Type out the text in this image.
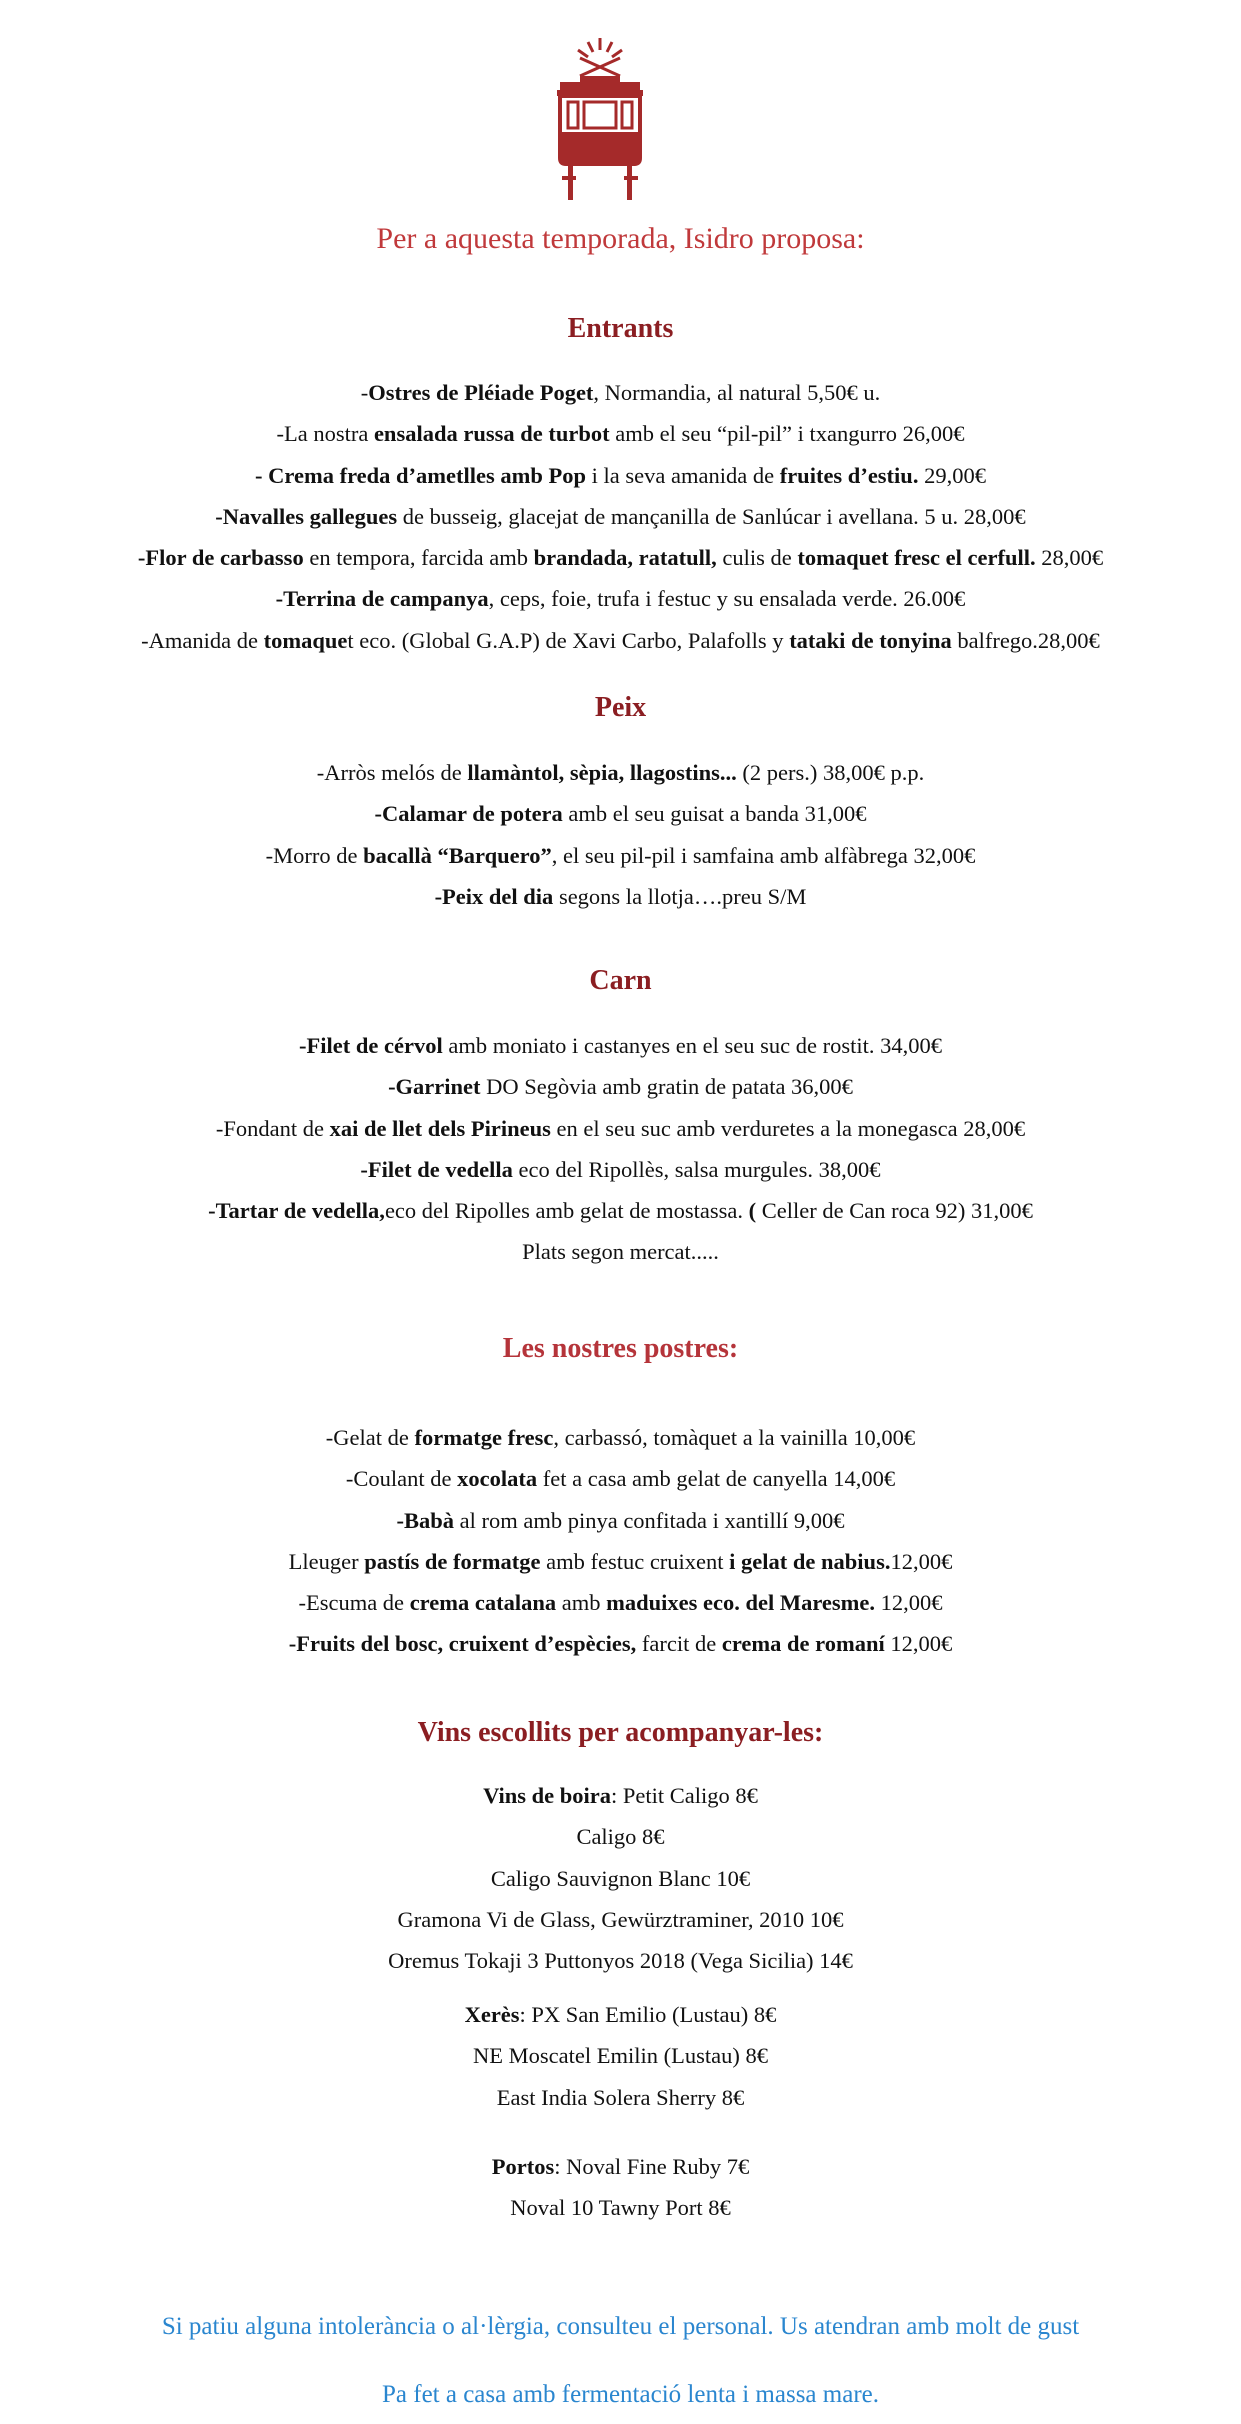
Per a aquesta temporada, Isidro proposa:
Entrants
-Ostres de Pléiade Poget, Normandia, al natural 5,50€ u.
-La nostra ensalada russa de turbot amb el seu “pil-pil” i txangurro 26,00€
- Crema freda d’ametlles amb Pop i la seva amanida de fruites d’estiu. 29,00€
-Navalles gallegues de busseig, glacejat de mançanilla de Sanlúcar i avellana. 5 u. 28,00€
-Flor de carbasso en tempora, farcida amb brandada, ratatull, culis de tomaquet fresc el cerfull. 28,00€
-Terrina de campanya, ceps, foie, trufa i festuc y su ensalada verde. 26.00€
-Amanida de tomaquet eco. (Global G.A.P) de Xavi Carbo, Palafolls y tataki de tonyina balfrego.28,00€
Peix
-Arròs melós de llamàntol, sèpia, llagostins... (2 pers.) 38,00€ p.p.
-Calamar de potera amb el seu guisat a banda 31,00€
-Morro de bacallà “Barquero”, el seu pil-pil i samfaina amb alfàbrega 32,00€
-Peix del dia segons la llotja….preu S/M
Carn
-Filet de cérvol amb moniato i castanyes en el seu suc de rostit. 34,00€
-Garrinet DO Segòvia amb gratin de patata 36,00€
-Fondant de xai de llet dels Pirineus en el seu suc amb verduretes a la monegasca 28,00€
-Filet de vedella eco del Ripollès, salsa murgules. 38,00€
-Tartar de vedella,eco del Ripolles amb gelat de mostassa. ( Celler de Can roca 92) 31,00€
Plats segon mercat.....
Les nostres postres:
-Gelat de formatge fresc, carbassó, tomàquet a la vainilla 10,00€
-Coulant de xocolata fet a casa amb gelat de canyella 14,00€
-Babà al rom amb pinya confitada i xantillí 9,00€
Lleuger pastís de formatge amb festuc cruixent i gelat de nabius.12,00€
-Escuma de crema catalana amb maduixes eco. del Maresme. 12,00€
-Fruits del bosc, cruixent d’espècies, farcit de crema de romaní 12,00€
Vins escollits per acompanyar-les:
Vins de boira: Petit Caligo 8€
Caligo 8€
Caligo Sauvignon Blanc 10€
Gramona Vi de Glass, Gewürztraminer, 2010 10€
Oremus Tokaji 3 Puttonyos 2018 (Vega Sicilia) 14€
Xerès: PX San Emilio (Lustau) 8€
NE Moscatel Emilin (Lustau) 8€
East India Solera Sherry 8€
Portos: Noval Fine Ruby 7€
Noval 10 Tawny Port 8€
Si patiu alguna intolerància o al·lèrgia, consulteu el personal. Us atendran amb molt de gust
Pa fet a casa amb fermentació lenta i massa mare.
